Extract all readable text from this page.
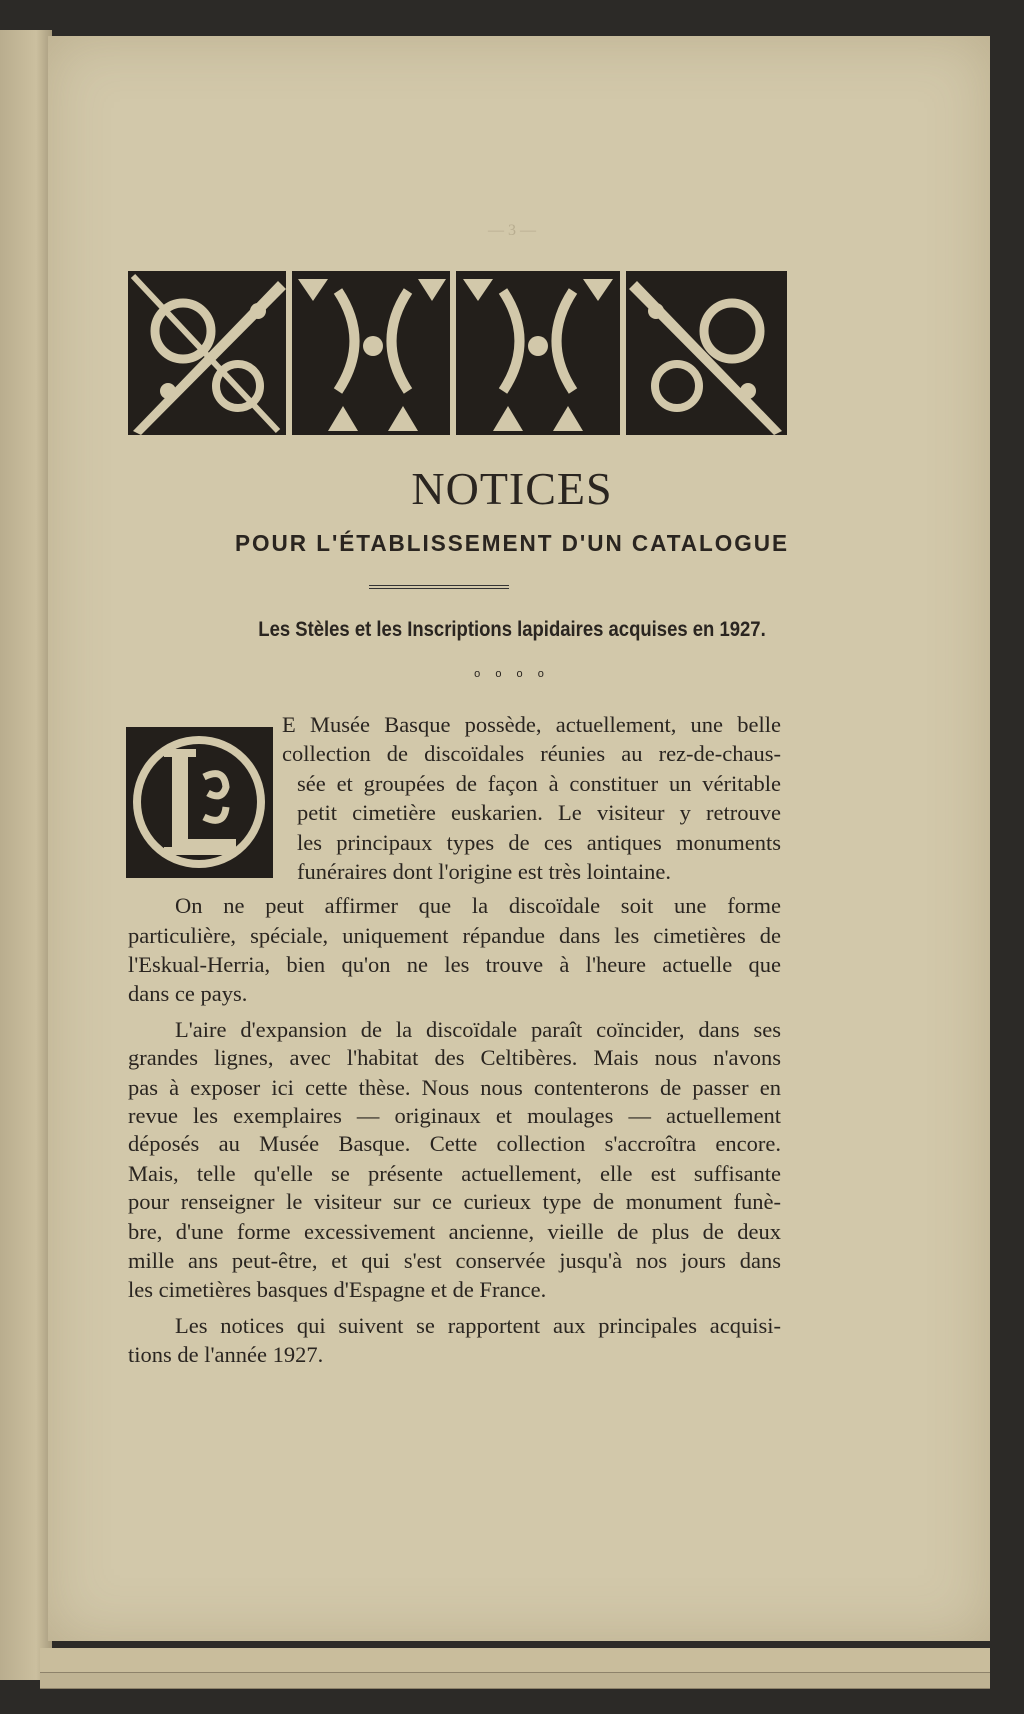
— 3 —
NOTICES
POUR L'ÉTABLISSEMENT D'UN CATALOGUE
Les Stèles et les Inscriptions lapidaires acquises en 1927.
o o o o
E Musée Basque possède, actuellement, une belle
collection de discoïdales réunies au rez-de-chaus-
sée et groupées de façon à constituer un véritable
petit cimetière euskarien. Le visiteur y retrouve
les principaux types de ces antiques monuments
funéraires dont l'origine est très lointaine.
On ne peut affirmer que la discoïdale soit une forme
particulière, spéciale, uniquement répandue dans les cimetières de
l'Eskual-Herria, bien qu'on ne les trouve à l'heure actuelle que
dans ce pays.
L'aire d'expansion de la discoïdale paraît coïncider, dans ses
grandes lignes, avec l'habitat des Celtibères. Mais nous n'avons
pas à exposer ici cette thèse. Nous nous contenterons de passer en
revue les exemplaires — originaux et moulages — actuellement
déposés au Musée Basque. Cette collection s'accroîtra encore.
Mais, telle qu'elle se présente actuellement, elle est suffisante
pour renseigner le visiteur sur ce curieux type de monument funè-
bre, d'une forme excessivement ancienne, vieille de plus de deux
mille ans peut-être, et qui s'est conservée jusqu'à nos jours dans
les cimetières basques d'Espagne et de France.
Les notices qui suivent se rapportent aux principales acquisi-
tions de l'année 1927.
